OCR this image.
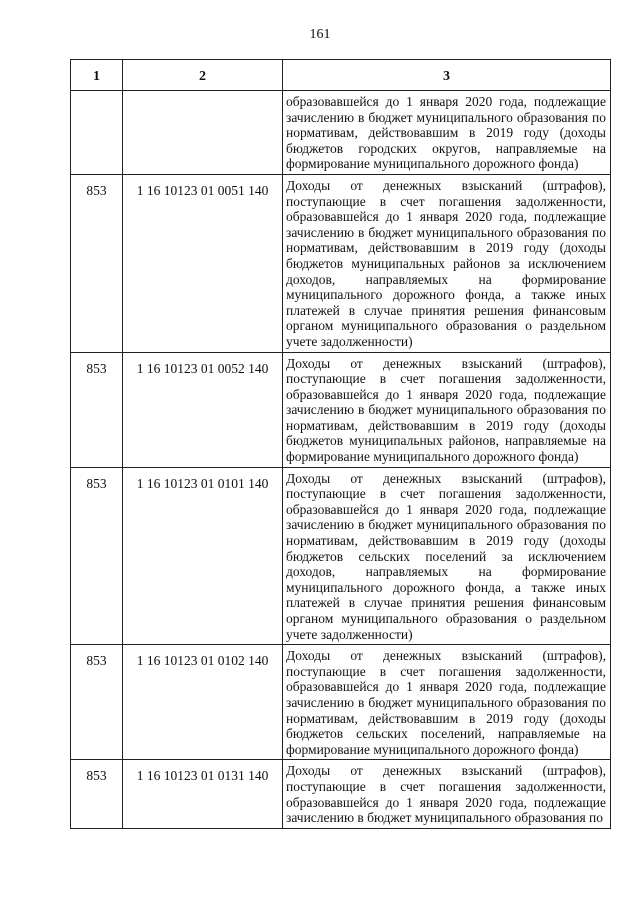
161
1	2	3
		образовавшейся до 1 января 2020 года, подлежащие зачислению в бюджет муниципального образования по нормативам, действовавшим в 2019 году (доходы бюджетов городских округов, направляемые на формирование муниципального дорожного фонда)
853	1 16 10123 01 0051 140	Доходы от денежных взысканий (штрафов), поступающие в счет погашения задолженности, образовавшейся до 1 января 2020 года, подлежащие зачислению в бюджет муниципального образования по нормативам, действовавшим в 2019 году (доходы бюджетов муниципальных районов за исключением доходов, направляемых на формирование муниципального дорожного фонда, а также иных платежей в случае принятия решения финансовым органом муниципального образования о раздельном учете задолженности)
853	1 16 10123 01 0052 140	Доходы от денежных взысканий (штрафов), поступающие в счет погашения задолженности, образовавшейся до 1 января 2020 года, подлежащие зачислению в бюджет муниципального образования по нормативам, действовавшим в 2019 году (доходы бюджетов муниципальных районов, направляемые на формирование муниципального дорожного фонда)
853	1 16 10123 01 0101 140	Доходы от денежных взысканий (штрафов), поступающие в счет погашения задолженности, образовавшейся до 1 января 2020 года, подлежащие зачислению в бюджет муниципального образования по нормативам, действовавшим в 2019 году (доходы бюджетов сельских поселений за исключением доходов, направляемых на формирование муниципального дорожного фонда, а также иных платежей в случае принятия решения финансовым органом муниципального образования о раздельном учете задолженности)
853	1 16 10123 01 0102 140	Доходы от денежных взысканий (штрафов), поступающие в счет погашения задолженности, образовавшейся до 1 января 2020 года, подлежащие зачислению в бюджет муниципального образования по нормативам, действовавшим в 2019 году (доходы бюджетов сельских поселений, направляемые на формирование муниципального дорожного фонда)
853	1 16 10123 01 0131 140	Доходы от денежных взысканий (штрафов), поступающие в счет погашения задолженности, образовавшейся до 1 января 2020 года, подлежащие зачислению в бюджет муниципального образования по
